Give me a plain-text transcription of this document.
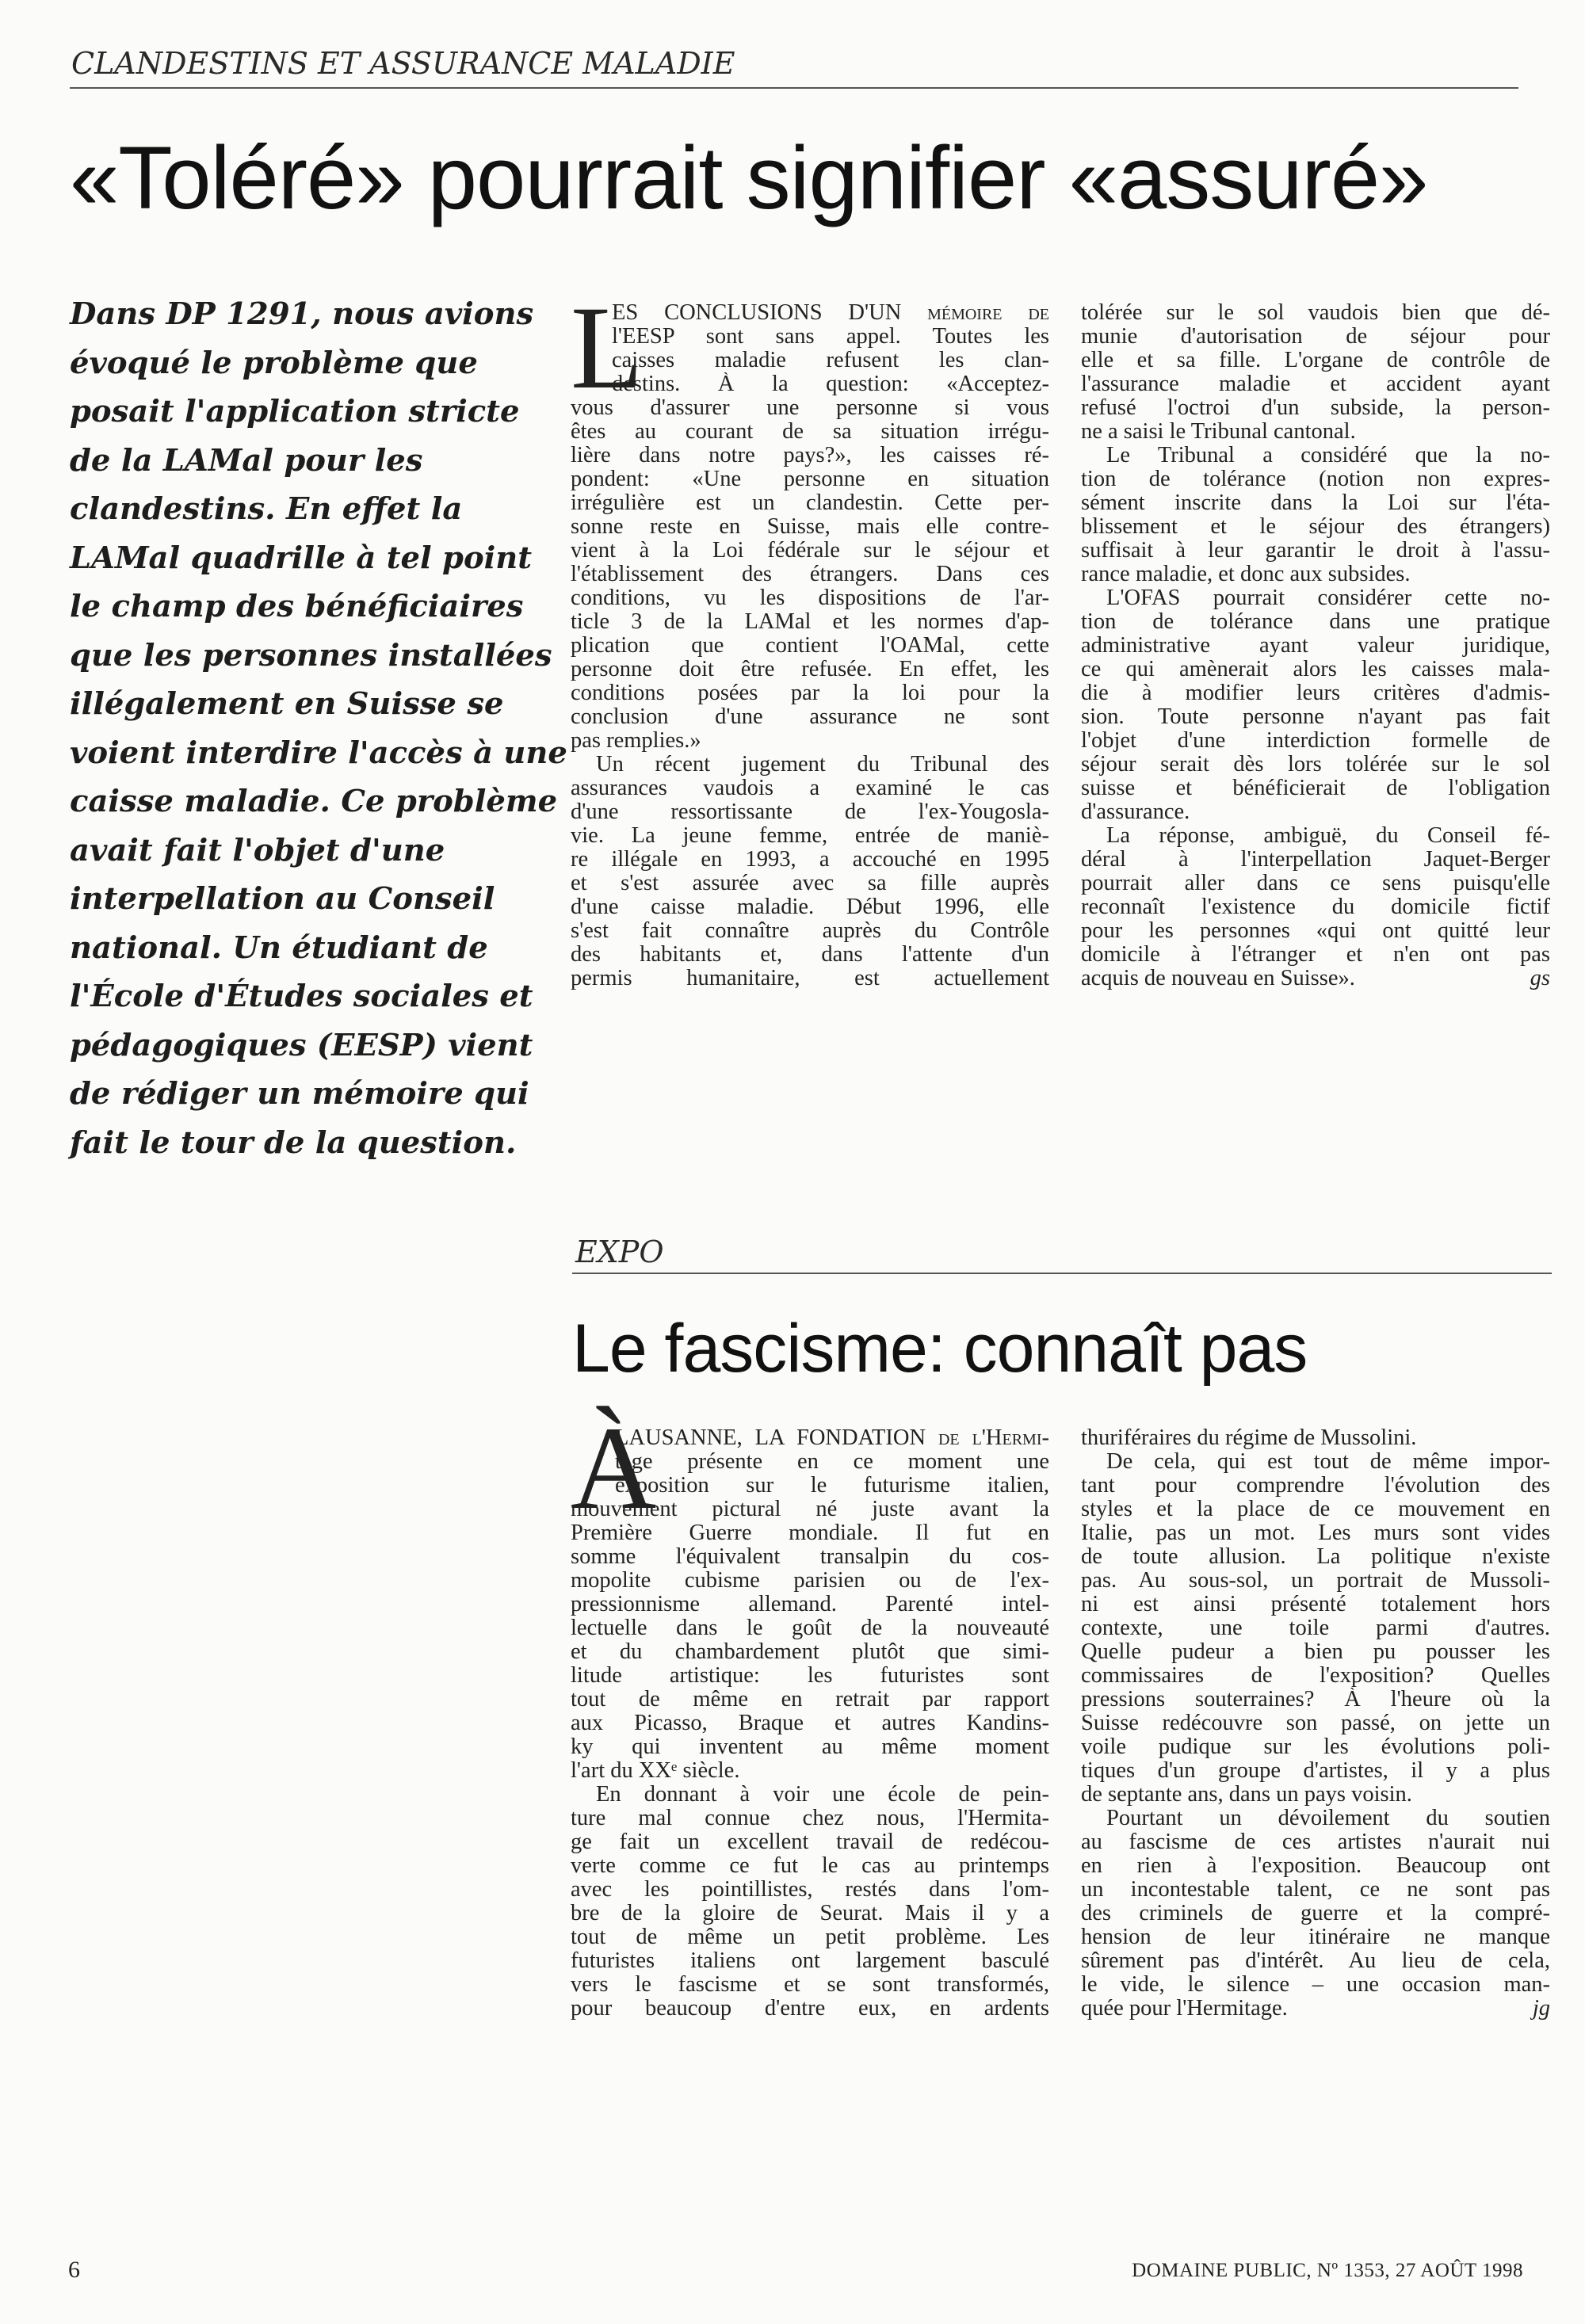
CLANDESTINS ET ASSURANCE MALADIE
«Toléré» pourrait signifier «assuré»
Dans DP 1291, nous avions
évoqué le problème que
posait l'application stricte
de la LAMal pour les
clandestins. En effet la
LAMal quadrille à tel point
le champ des bénéficiaires
que les personnes installées
illégalement en Suisse se
voient interdire l'accès à une
caisse maladie. Ce problème
avait fait l'objet d'une
interpellation au Conseil
national. Un étudiant de
l'École d'Études sociales et
pédagogiques (EESP) vient
de rédiger un mémoire qui
fait le tour de la question.
L
ES CONCLUSIONS D'UN mémoire de
l'EESP sont sans appel. Toutes les
caisses maladie refusent les clan-
destins. À la question: «Acceptez-
vous d'assurer une personne si vous
êtes au courant de sa situation irrégu-
lière dans notre pays?», les caisses ré-
pondent: «Une personne en situation
irrégulière est un clandestin. Cette per-
sonne reste en Suisse, mais elle contre-
vient à la Loi fédérale sur le séjour et
l'établissement des étrangers. Dans ces
conditions, vu les dispositions de l'ar-
ticle 3 de la LAMal et les normes d'ap-
plication que contient l'OAMal, cette
personne doit être refusée. En effet, les
conditions posées par la loi pour la
conclusion d'une assurance ne sont
pas remplies.»
Un récent jugement du Tribunal des
assurances vaudois a examiné le cas
d'une ressortissante de l'ex-Yougosla-
vie. La jeune femme, entrée de maniè-
re illégale en 1993, a accouché en 1995
et s'est assurée avec sa fille auprès
d'une caisse maladie. Début 1996, elle
s'est fait connaître auprès du Contrôle
des habitants et, dans l'attente d'un
permis humanitaire, est actuellement
tolérée sur le sol vaudois bien que dé-
munie d'autorisation de séjour pour
elle et sa fille. L'organe de contrôle de
l'assurance maladie et accident ayant
refusé l'octroi d'un subside, la person-
ne a saisi le Tribunal cantonal.
Le Tribunal a considéré que la no-
tion de tolérance (notion non expres-
sément inscrite dans la Loi sur l'éta-
blissement et le séjour des étrangers)
suffisait à leur garantir le droit à l'assu-
rance maladie, et donc aux subsides.
L'OFAS pourrait considérer cette no-
tion de tolérance dans une pratique
administrative ayant valeur juridique,
ce qui amènerait alors les caisses mala-
die à modifier leurs critères d'admis-
sion. Toute personne n'ayant pas fait
l'objet d'une interdiction formelle de
séjour serait dès lors tolérée sur le sol
suisse et bénéficierait de l'obligation
d'assurance.
La réponse, ambiguë, du Conseil fé-
déral à l'interpellation Jaquet-Berger
pourrait aller dans ce sens puisqu'elle
reconnaît l'existence du domicile fictif
pour les personnes «qui ont quitté leur
domicile à l'étranger et n'en ont pas
acquis de nouveau en Suisse».	gs
EXPO
Le fascisme: connaît pas
À
LAUSANNE, LA FONDATION de l'Hermi-
tage présente en ce moment une
exposition sur le futurisme italien,
mouvement pictural né juste avant la
Première Guerre mondiale. Il fut en
somme l'équivalent transalpin du cos-
mopolite cubisme parisien ou de l'ex-
pressionnisme allemand. Parenté intel-
lectuelle dans le goût de la nouveauté
et du chambardement plutôt que simi-
litude artistique: les futuristes sont
tout de même en retrait par rapport
aux Picasso, Braque et autres Kandins-
ky qui inventent au même moment
l'art du XXᵉ siècle.
En donnant à voir une école de pein-
ture mal connue chez nous, l'Hermita-
ge fait un excellent travail de redécou-
verte comme ce fut le cas au printemps
avec les pointillistes, restés dans l'om-
bre de la gloire de Seurat. Mais il y a
tout de même un petit problème. Les
futuristes italiens ont largement basculé
vers le fascisme et se sont transformés,
pour beaucoup d'entre eux, en ardents
thuriféraires du régime de Mussolini.
De cela, qui est tout de même impor-
tant pour comprendre l'évolution des
styles et la place de ce mouvement en
Italie, pas un mot. Les murs sont vides
de toute allusion. La politique n'existe
pas. Au sous-sol, un portrait de Mussoli-
ni est ainsi présenté totalement hors
contexte, une toile parmi d'autres.
Quelle pudeur a bien pu pousser les
commissaires de l'exposition? Quelles
pressions souterraines? À l'heure où la
Suisse redécouvre son passé, on jette un
voile pudique sur les évolutions poli-
tiques d'un groupe d'artistes, il y a plus
de septante ans, dans un pays voisin.
Pourtant un dévoilement du soutien
au fascisme de ces artistes n'aurait nui
en rien à l'exposition. Beaucoup ont
un incontestable talent, ce ne sont pas
des criminels de guerre et la compré-
hension de leur itinéraire ne manque
sûrement pas d'intérêt. Au lieu de cela,
le vide, le silence – une occasion man-
quée pour l'Hermitage.	jg
6	DOMAINE PUBLIC, Nº 1353, 27 AOÛT 1998
